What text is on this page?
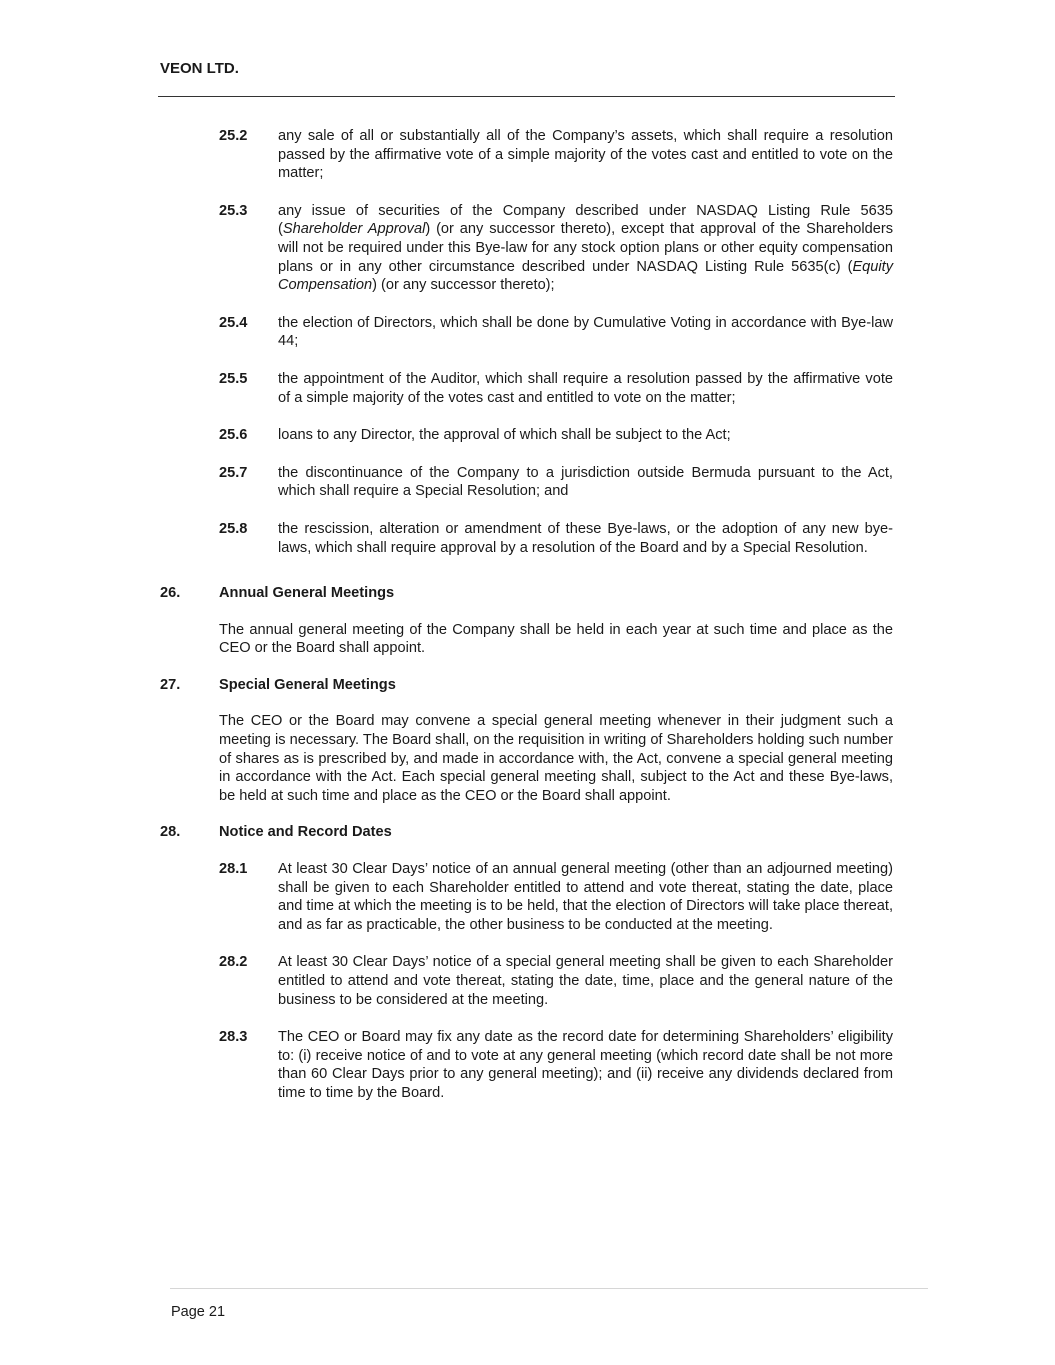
VEON LTD.
25.2	any sale of all or substantially all of the Company’s assets, which shall require a resolution passed by the affirmative vote of a simple majority of the votes cast and entitled to vote on the matter;
25.3	any issue of securities of the Company described under NASDAQ Listing Rule 5635 (Shareholder Approval) (or any successor thereto), except that approval of the Shareholders will not be required under this Bye-law for any stock option plans or other equity compensation plans or in any other circumstance described under NASDAQ Listing Rule 5635(c) (Equity Compensation) (or any successor thereto);
25.4	the election of Directors, which shall be done by Cumulative Voting in accordance with Bye-law 44;
25.5	the appointment of the Auditor, which shall require a resolution passed by the affirmative vote of a simple majority of the votes cast and entitled to vote on the matter;
25.6	loans to any Director, the approval of which shall be subject to the Act;
25.7	the discontinuance of the Company to a jurisdiction outside Bermuda pursuant to the Act, which shall require a Special Resolution; and
25.8	the rescission, alteration or amendment of these Bye-laws, or the adoption of any new bye-laws, which shall require approval by a resolution of the Board and by a Special Resolution.
26.	Annual General Meetings
The annual general meeting of the Company shall be held in each year at such time and place as the CEO or the Board shall appoint.
27.	Special General Meetings
The CEO or the Board may convene a special general meeting whenever in their judgment such a meeting is necessary. The Board shall, on the requisition in writing of Shareholders holding such number of shares as is prescribed by, and made in accordance with, the Act, convene a special general meeting in accordance with the Act. Each special general meeting shall, subject to the Act and these Bye-laws, be held at such time and place as the CEO or the Board shall appoint.
28.	Notice and Record Dates
28.1	At least 30 Clear Days’ notice of an annual general meeting (other than an adjourned meeting) shall be given to each Shareholder entitled to attend and vote thereat, stating the date, place and time at which the meeting is to be held, that the election of Directors will take place thereat, and as far as practicable, the other business to be conducted at the meeting.
28.2	At least 30 Clear Days’ notice of a special general meeting shall be given to each Shareholder entitled to attend and vote thereat, stating the date, time, place and the general nature of the business to be considered at the meeting.
28.3	The CEO or Board may fix any date as the record date for determining Shareholders’ eligibility to: (i) receive notice of and to vote at any general meeting (which record date shall be not more than 60 Clear Days prior to any general meeting); and (ii) receive any dividends declared from time to time by the Board.
Page 21
